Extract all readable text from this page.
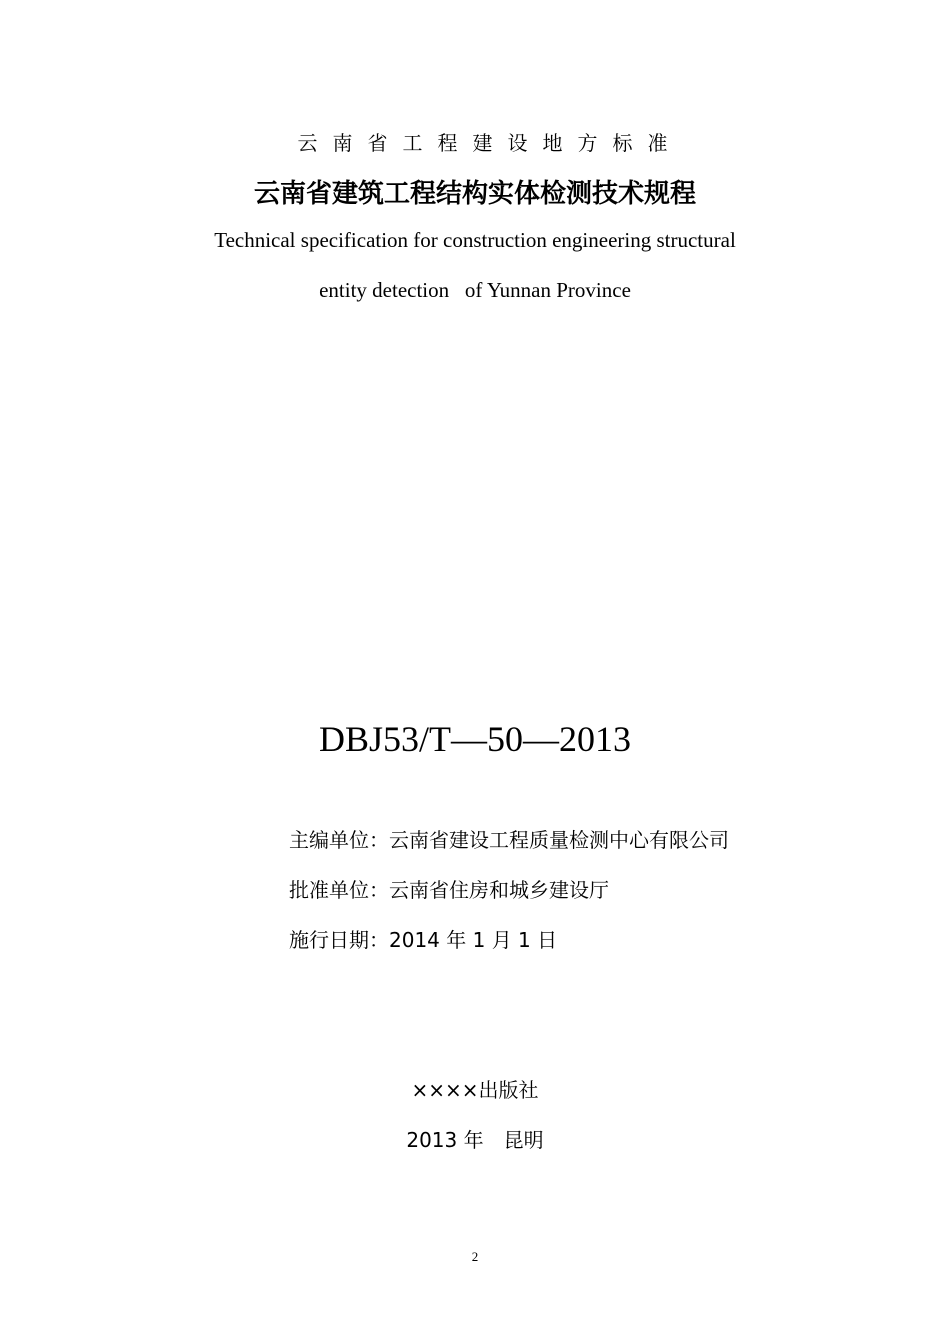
云南省工程建设地方标准
云南省建筑工程结构实体检测技术规程
Technical specification for construction engineering structural
entity detection   of Yunnan Province
DBJ53/T—50—2013
主编单位：云南省建设工程质量检测中心有限公司
批准单位：云南省住房和城乡建设厅
施行日期：2014 年 1 月 1 日
××××出版社
2013 年　昆明
2
